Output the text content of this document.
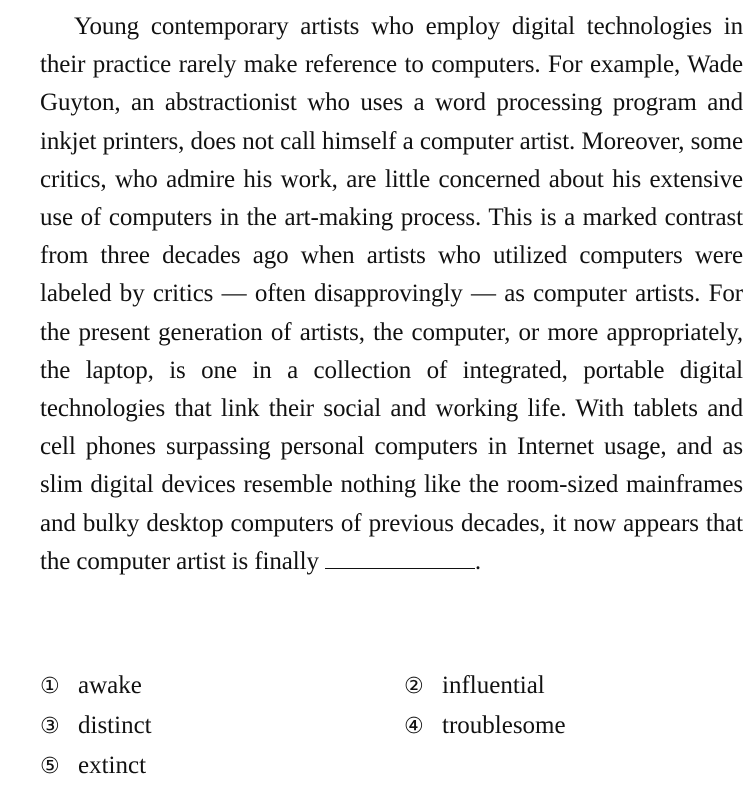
Young contemporary artists who employ digital technologies in their practice rarely make reference to computers. For example, Wade Guyton, an abstractionist who uses a word processing program and inkjet printers, does not call himself a computer artist. Moreover, some critics, who admire his work, are little concerned about his extensive use of computers in the art-making process. This is a marked contrast from three decades ago when artists who utilized computers were labeled by critics — often disapprovingly — as computer artists. For the present generation of artists, the computer, or more appropriately, the laptop, is one in a collection of integrated, portable digital technologies that link their social and working life. With tablets and cell phones surpassing personal computers in Internet usage, and as slim digital devices resemble nothing like the room-sized mainframes and bulky desktop computers of previous decades, it now appears that the computer artist is finally	.

① awake	② influential
③ distinct	④ troublesome
⑤ extinct
